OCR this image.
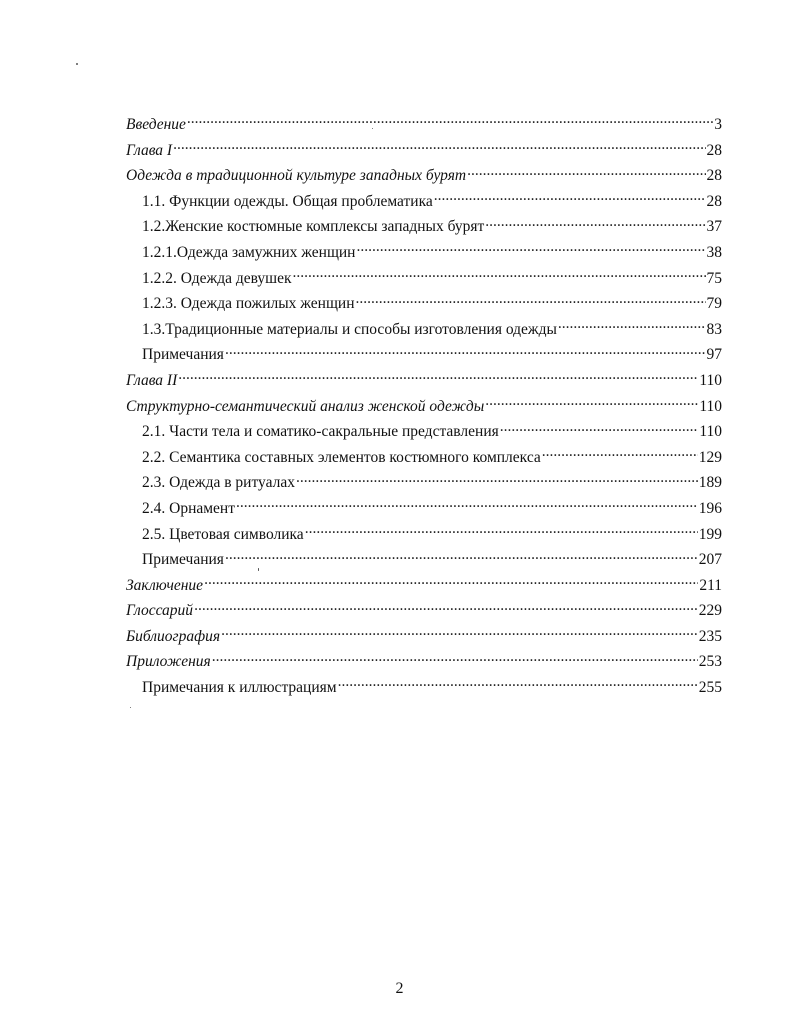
Введение .....	3
Глава I .....	28
Одежда в традиционной культуре западных бурят .....	28
1.1. Функции одежды. Общая проблематика .....	28
1.2.Женские костюмные комплексы западных бурят .....	37
1.2.1.Одежда замужних женщин .....	38
1.2.2. Одежда девушек .....	75
1.2.3. Одежда пожилых женщин .....	79
1.3.Традиционные материалы и способы изготовления одежды .....	83
Примечания .....	97
Глава II .....	110
Структурно-семантический анализ женской одежды .....	110
2.1. Части тела и соматико-сакральные представления .....	110
2.2. Семантика составных элементов костюмного комплекса .....	129
2.3. Одежда в ритуалах .....	189
2.4. Орнамент .....	196
2.5. Цветовая символика .....	199
Примечания .....	207
Заключение .....	211
Глоссарий .....	229
Библиография .....	235
Приложения .....	253
Примечания к иллюстрациям .....	255
2
